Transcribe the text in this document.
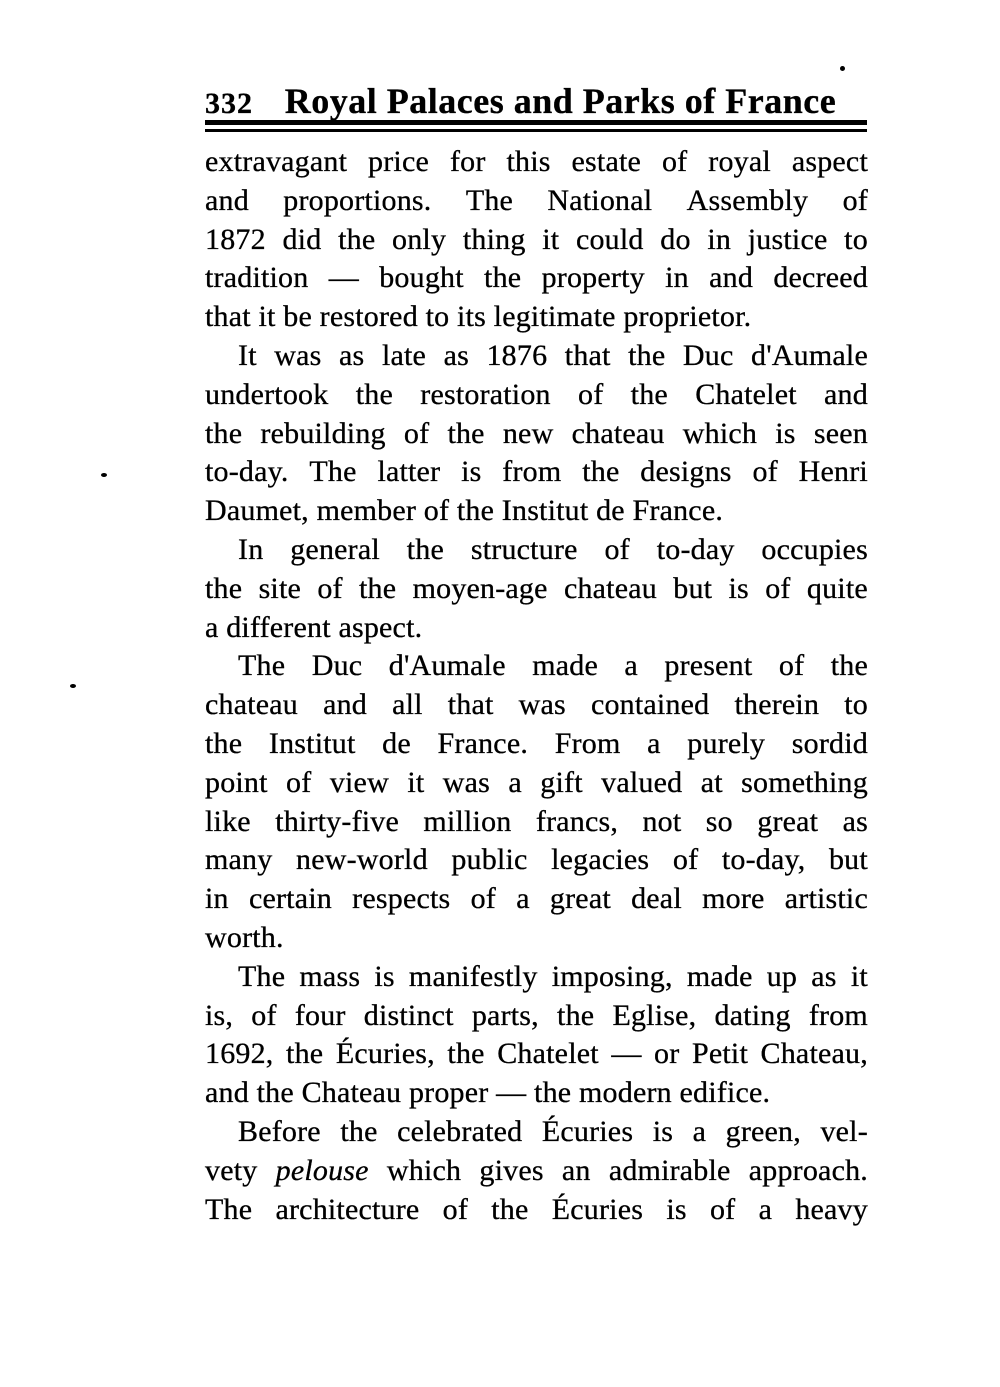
332 Royal Palaces and Parks of France
extravagant price for this estate of royal aspect
and proportions. The National Assembly of
1872 did the only thing it could do in justice to
tradition — bought the property in and decreed
that it be restored to its legitimate proprietor.
It was as late as 1876 that the Duc d'Aumale
undertook the restoration of the Chatelet and
the rebuilding of the new chateau which is seen
to-day. The latter is from the designs of Henri
Daumet, member of the Institut de France.
In general the structure of to-day occupies
the site of the moyen-age chateau but is of quite
a different aspect.
The Duc d'Aumale made a present of the
chateau and all that was contained therein to
the Institut de France. From a purely sordid
point of view it was a gift valued at something
like thirty-five million francs, not so great as
many new-world public legacies of to-day, but
in certain respects of a great deal more artistic
worth.
The mass is manifestly imposing, made up as it
is, of four distinct parts, the Eglise, dating from
1692, the Écuries, the Chatelet — or Petit Chateau,
and the Chateau proper — the modern edifice.
Before the celebrated Écuries is a green, vel-
vety pelouse which gives an admirable approach.
The architecture of the Écuries is of a heavy
